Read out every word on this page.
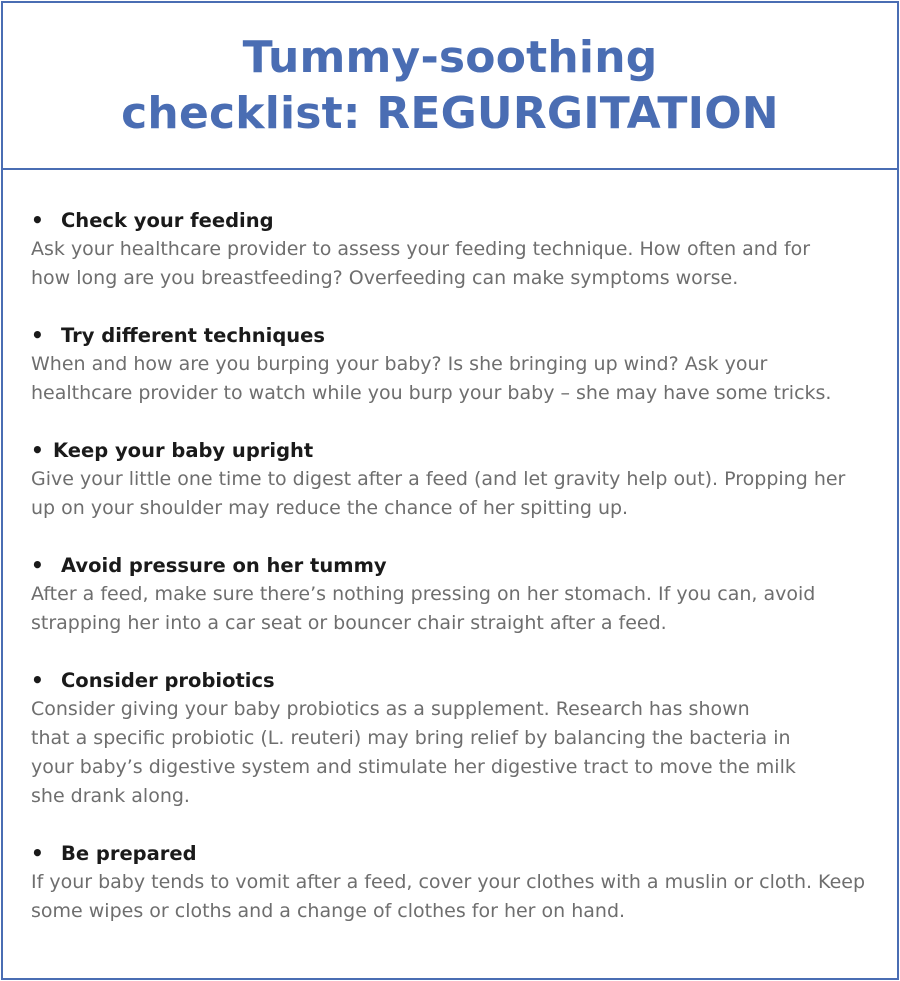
Tummy-soothing
checklist: REGURGITATION
• Check your feeding

Ask your healthcare provider to assess your feeding technique. How often and for
how long are you breastfeeding? Overfeeding can make symptoms worse.

• Try different techniques

When and how are you burping your baby? Is she bringing up wind? Ask your
healthcare provider to watch while you burp your baby – she may have some tricks.

• Keep your baby upright

Give your little one time to digest after a feed (and let gravity help out). Propping her
up on your shoulder may reduce the chance of her spitting up.

• Avoid pressure on her tummy

After a feed, make sure there’s nothing pressing on her stomach. If you can, avoid
strapping her into a car seat or bouncer chair straight after a feed.

• Consider probiotics

Consider giving your baby probiotics as a supplement. Research has shown
that a specific probiotic (L. reuteri) may bring relief by balancing the bacteria in
your baby’s digestive system and stimulate her digestive tract to move the milk
she drank along.

• Be prepared

If your baby tends to vomit after a feed, cover your clothes with a muslin or cloth. Keep
some wipes or cloths and a change of clothes for her on hand.
